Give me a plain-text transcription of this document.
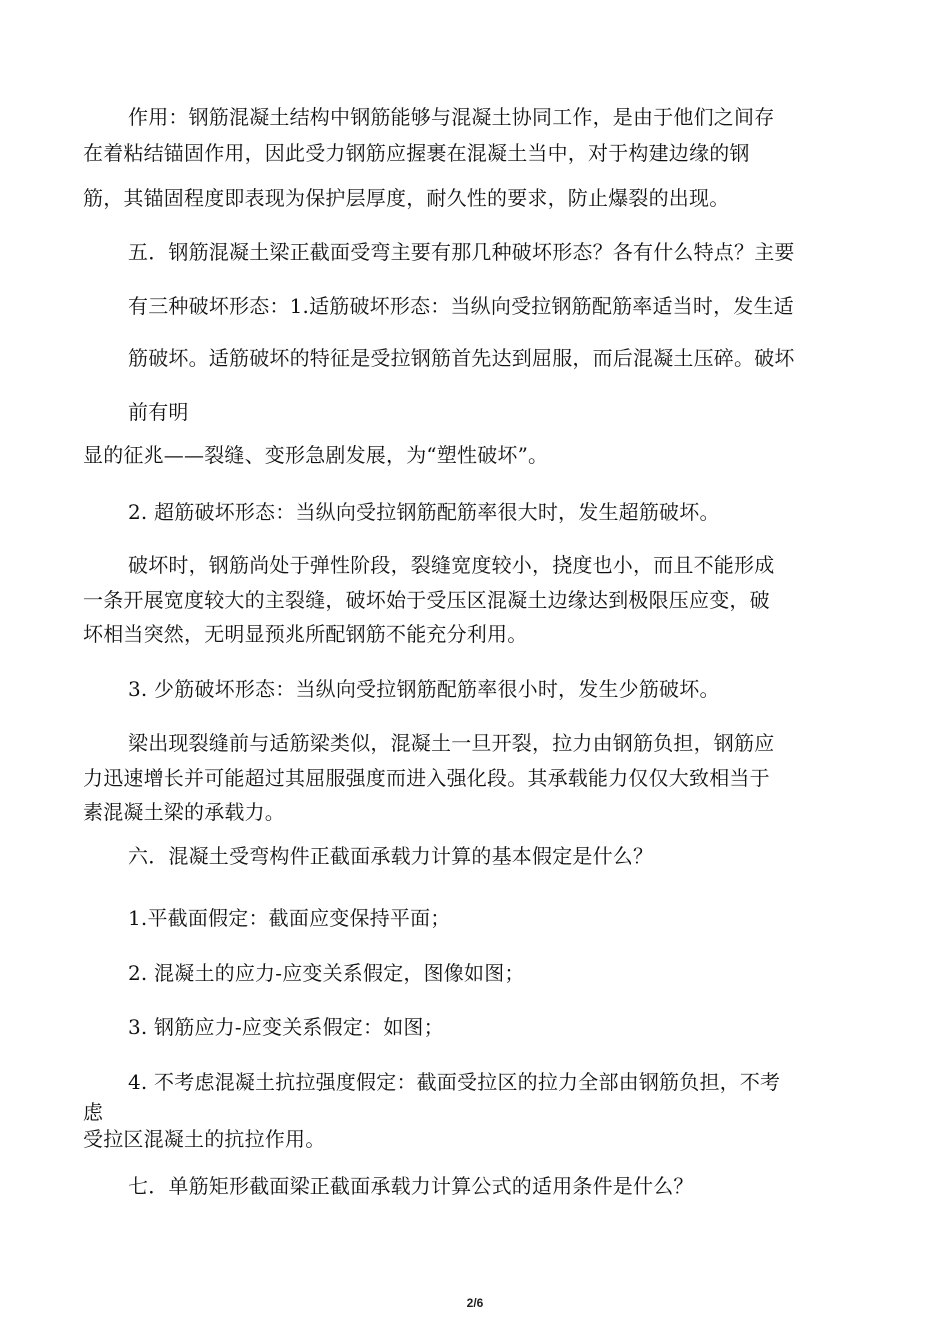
作用：钢筋混凝土结构中钢筋能够与混凝土协同工作，是由于他们之间存
在着粘结锚固作用，因此受力钢筋应握裹在混凝土当中，对于构建边缘的钢
筋，其锚固程度即表现为保护层厚度，耐久性的要求，防止爆裂的出现。
五．钢筋混凝土梁正截面受弯主要有那几种破坏形态？各有什么特点？主要
有三种破坏形态：1.适筋破坏形态：当纵向受拉钢筋配筋率适当时，发生适
筋破坏。适筋破坏的特征是受拉钢筋首先达到屈服，而后混凝土压碎。破坏
前有明
显的征兆——裂缝、变形急剧发展，为“塑性破坏”。
2. 超筋破坏形态：当纵向受拉钢筋配筋率很大时，发生超筋破坏。
破坏时，钢筋尚处于弹性阶段，裂缝宽度较小，挠度也小，而且不能形成
一条开展宽度较大的主裂缝，破坏始于受压区混凝土边缘达到极限压应变，破
坏相当突然，无明显预兆所配钢筋不能充分利用。
3. 少筋破坏形态：当纵向受拉钢筋配筋率很小时，发生少筋破坏。
梁出现裂缝前与适筋梁类似，混凝土一旦开裂，拉力由钢筋负担，钢筋应
力迅速增长并可能超过其屈服强度而进入强化段。其承载能力仅仅大致相当于
素混凝土梁的承载力。
六．混凝土受弯构件正截面承载力计算的基本假定是什么？
1.平截面假定：截面应变保持平面；
2. 混凝土的应力-应变关系假定，图像如图；
3. 钢筋应力-应变关系假定：如图；
4. 不考虑混凝土抗拉强度假定：截面受拉区的拉力全部由钢筋负担，不考
虑
受拉区混凝土的抗拉作用。
七．单筋矩形截面梁正截面承载力计算公式的适用条件是什么？
2/6
